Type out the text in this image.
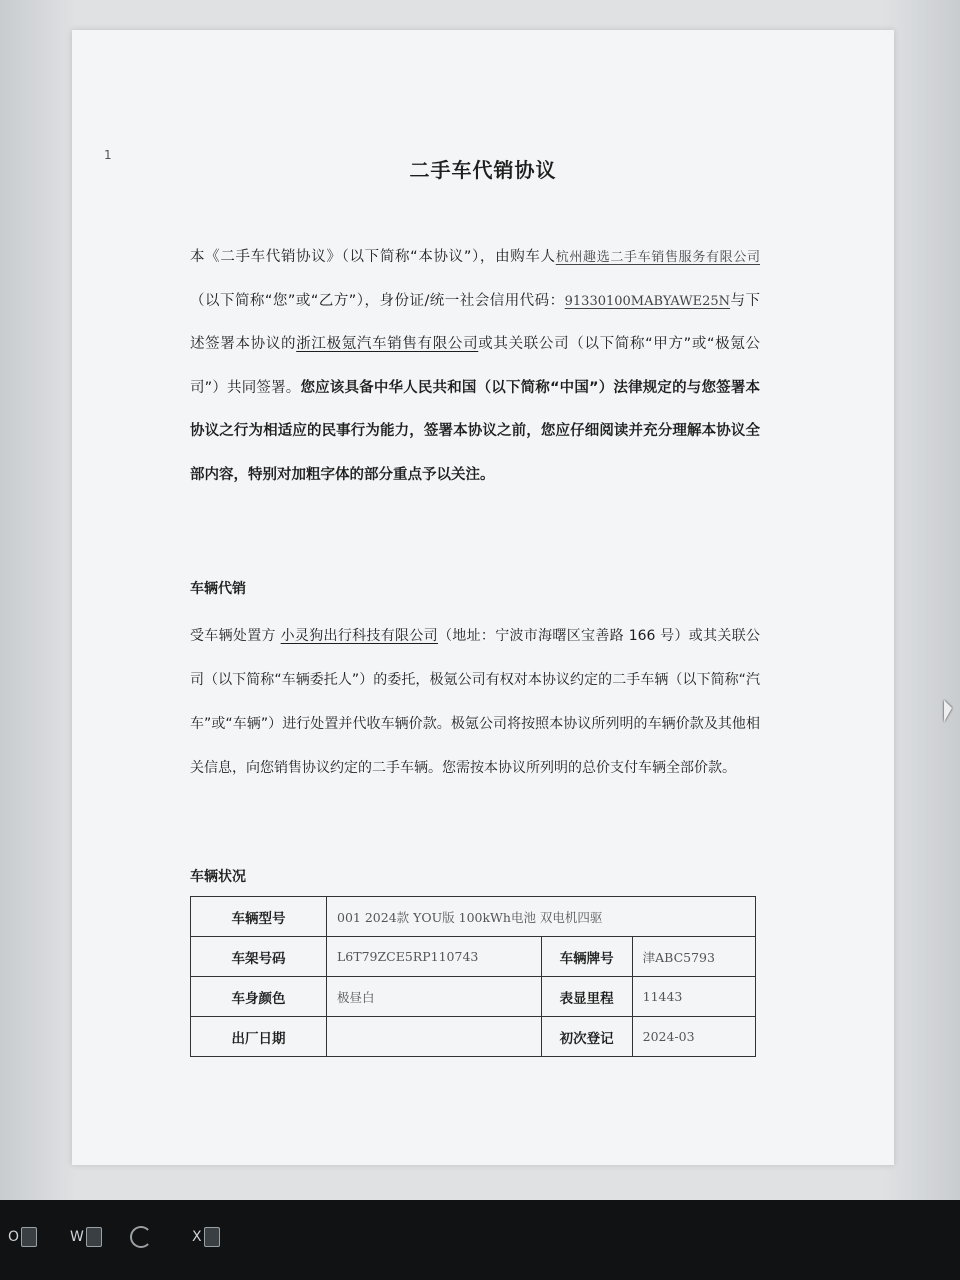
1
二手车代销协议
本《二手车代销协议》（以下简称“本协议”），由购车人杭州趣选二手车销售服务有限公司（以下简称“您”或“乙方”），身份证/统一社会信用代码：91330100MABYAWE25N与下述签署本协议的浙江极氪汽车销售有限公司或其关联公司（以下简称“甲方”或“极氪公司”）共同签署。您应该具备中华人民共和国（以下简称“中国”）法律规定的与您签署本协议之行为相适应的民事行为能力，签署本协议之前，您应仔细阅读并充分理解本协议全部内容，特别对加粗字体的部分重点予以关注。
车辆代销
受车辆处置方 小灵狗出行科技有限公司（地址：宁波市海曙区宝善路 166 号）或其关联公司（以下简称“车辆委托人”）的委托，极氪公司有权对本协议约定的二手车辆（以下简称“汽车”或“车辆”）进行处置并代收车辆价款。极氪公司将按照本协议所列明的车辆价款及其他相关信息，向您销售协议约定的二手车辆。您需按本协议所列明的总价支付车辆全部价款。
车辆状况
车辆型号	001 2024款 YOU版 100kWh电池 双电机四驱		
车架号码	L6T79ZCE5RP110743	车辆牌号	津ABC5793
车身颜色	极昼白	表显里程	11443
出厂日期		初次登记	2024-03
O	W	X
